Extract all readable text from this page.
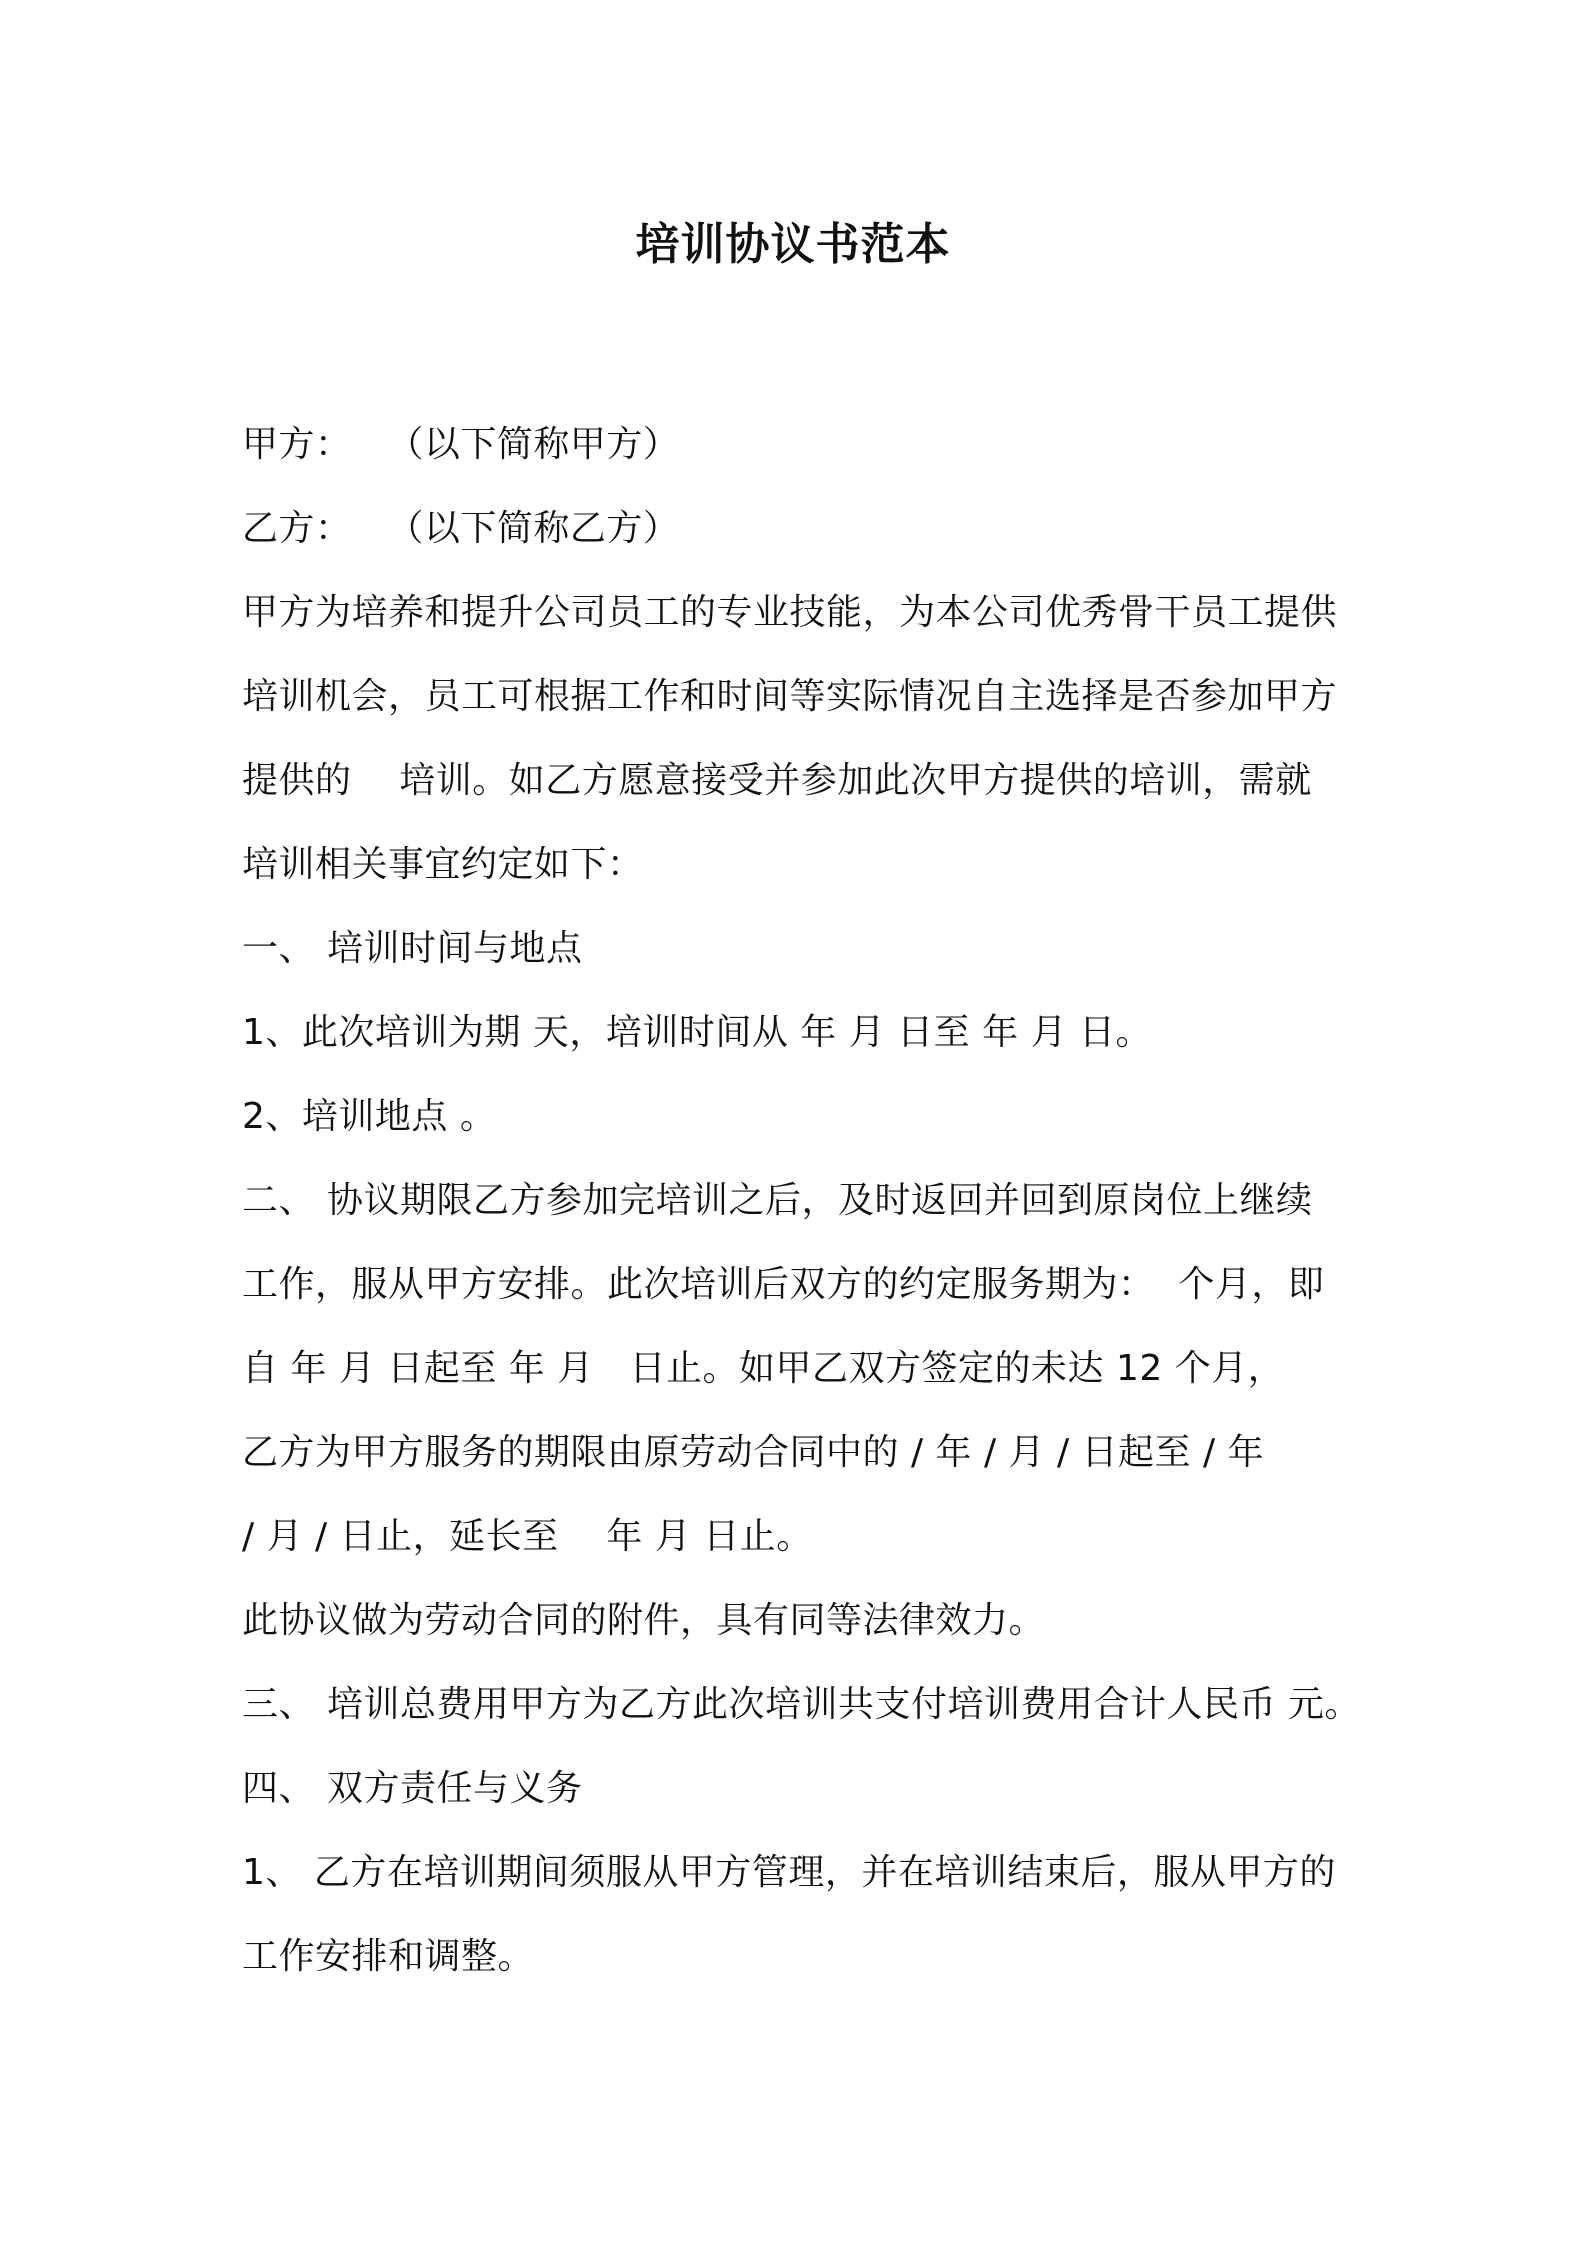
培训协议书范本

甲方：   （以下简称甲方）

乙方：   （以下简称乙方）

甲方为培养和提升公司员工的专业技能，为本公司优秀骨干员工提供

培训机会，员工可根据工作和时间等实际情况自主选择是否参加甲方

提供的    培训。如乙方愿意接受并参加此次甲方提供的培训，需就

培训相关事宜约定如下：

一、 培训时间与地点

1、此次培训为期 天，培训时间从 年 月 日至 年 月 日。

2、培训地点 。

二、 协议期限乙方参加完培训之后，及时返回并回到原岗位上继续

工作，服从甲方安排。此次培训后双方的约定服务期为：  个月，即

自 年 月 日起至 年 月   日止。如甲乙双方签定的未达 12 个月，

乙方为甲方服务的期限由原劳动合同中的 / 年 / 月 / 日起至 / 年

/ 月 / 日止，延长至    年 月 日止。

此协议做为劳动合同的附件，具有同等法律效力。

三、 培训总费用甲方为乙方此次培训共支付培训费用合计人民币 元。

四、 双方责任与义务

1、 乙方在培训期间须服从甲方管理，并在培训结束后，服从甲方的

工作安排和调整。
